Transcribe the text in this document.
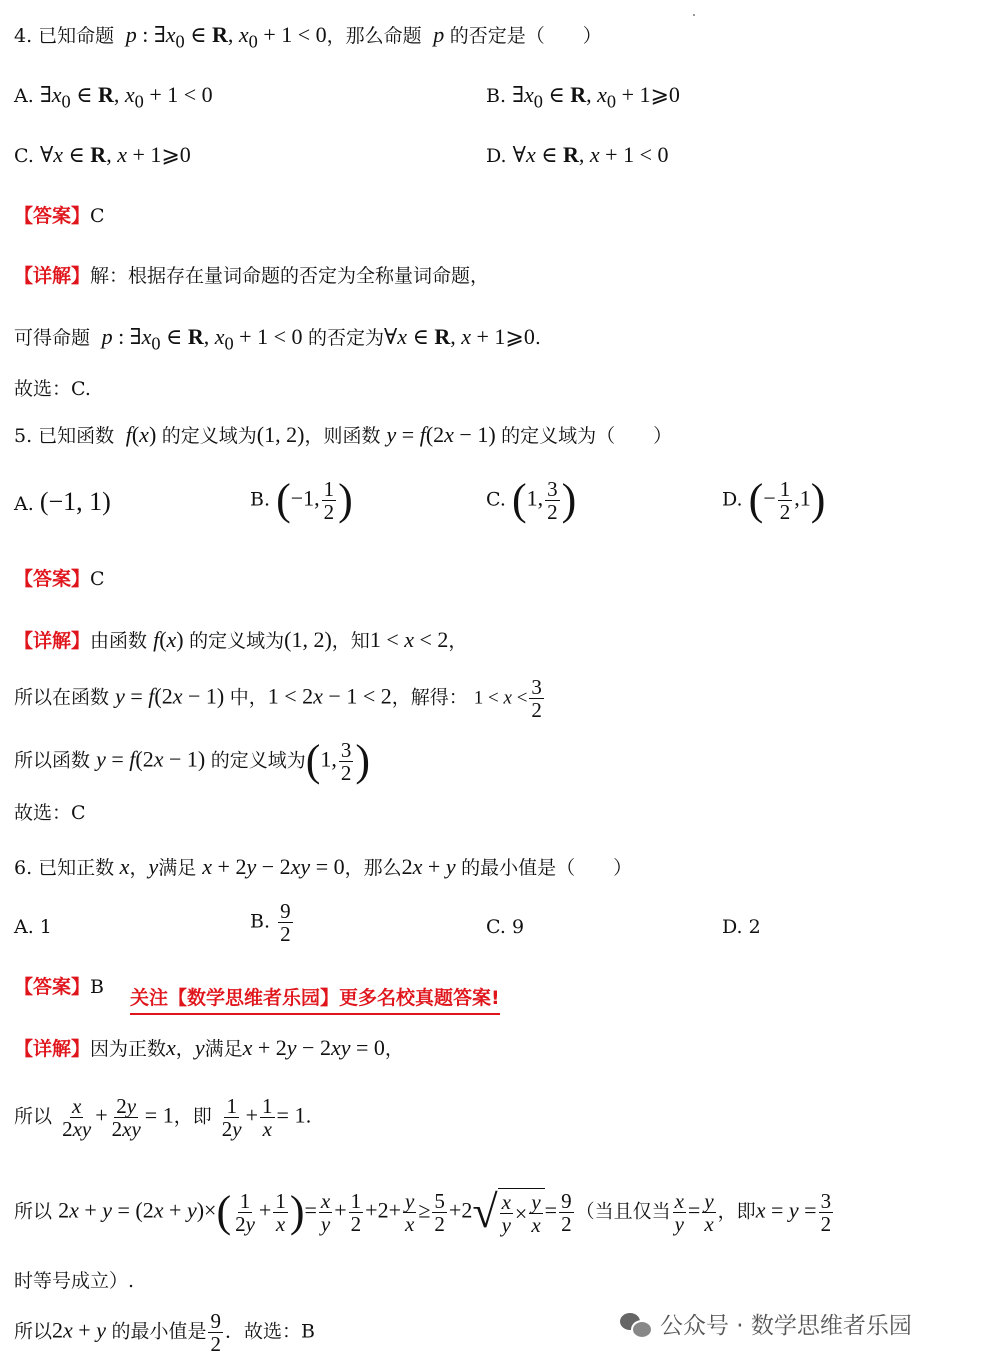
4. 已知命题 p : $\exists x_0$ ∈ R, $x_0 + 1 < 0$，那么命题 p 的否定是（　　）
A. $\exists x_0$ ∈ R, $x_0 + 1 < 0$	B. $\exists x_0$ ∈ R, $x_0$ + 1⩾0
C. ∀x ∈ R, x + 1⩾0	D. ∀x ∈ R, x + 1 < 0
【答案】C
【详解】解：根据存在量词命题的否定为全称量词命题，
可得命题 p : $\exists x_0$ ∈ R, $x_0 + 1 < 0$ 的否定为∀x ∈ R, x + 1⩾0.
故选：C.
5. 已知函数 f(x) 的定义域为(1, 2)，则函数 y = f(2x − 1) 的定义域为（　　）
A. (−1, 1)	B. (−1, $\frac{1}{2}$ )	C. (1, $\frac{3}{2}$ )	D. (− $\frac{1}{2} ,1$)
【答案】C
【详解】由函数 f(x) 的定义域为(1, 2)，知1 < x < 2，
所以在函数 y = f(2x − 1) 中，1 < 2x − 1 < 2，解得： $1 < x < \frac{3}{2}$
所以函数 y = f(2x − 1) 的定义域为(1, $\frac{3}{2}$ )
故选：C
6. 已知正数 x，y满足 x + 2y − 2xy = 0，那么2x + y 的最小值是（　　）
A. 1	B. $\frac{9}{2}$	C. 9	D. 2
【答案】B 关注【数学思维者乐园】更多名校真题答案!
【详解】因为正数x，y满足x + 2y − 2xy = 0，
所以 $\frac{x}{2xy} + \frac{2y}{2xy} = 1$，即 $\frac{1}{2y} + \frac{1}{x} = 1$.
所以 $2x + y = (2x + y)\times( \frac{1}{2y} + \frac{1}{x}$ )= $\frac{x}{y} + \frac{1}{2} +2+ \frac{y}{x} \ge \frac{5}{2} +2$ √ $\frac{x}{y} \times \frac{y}{x} = \frac{9}{2}$ （当且仅当 $\frac{x}{y} = \frac{y}{x}$ ，即$x = y = \frac{3}{2}$
时等号成立）.
所以2x + y 的最小值是 $\frac{9}{2}$ ．故选：B	公众号 · 数学思维者乐园
